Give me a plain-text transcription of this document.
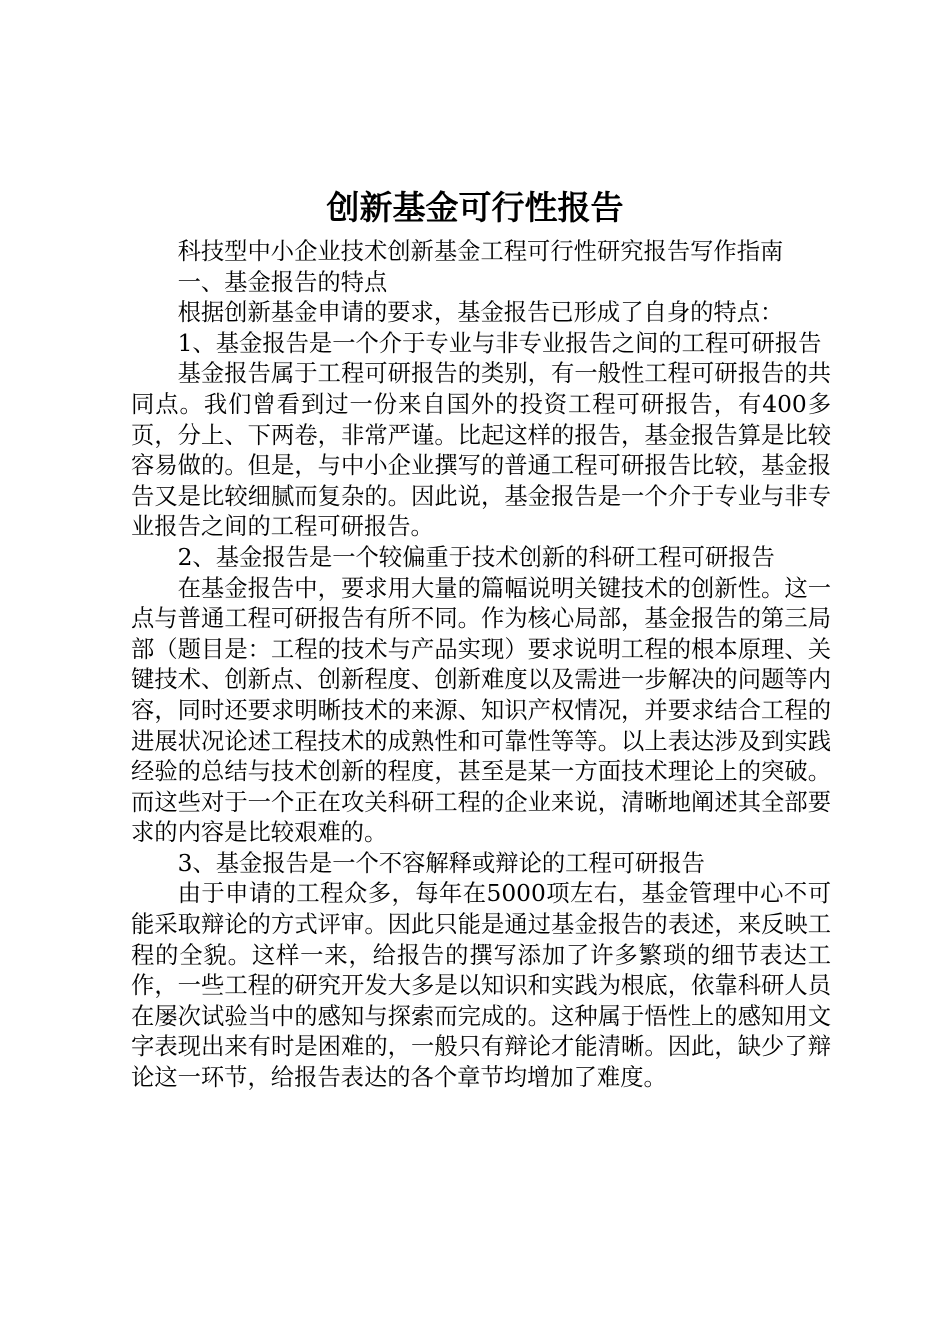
创新基金可行性报告

科技型中小企业技术创新基金工程可行性研究报告写作指南

一、基金报告的特点

根据创新基金申请的要求，基金报告已形成了自身的特点：

1、基金报告是一个介于专业与非专业报告之间的工程可研报告

基金报告属于工程可研报告的类别，有一般性工程可研报告的共同点。我们曾看到过一份来自国外的投资工程可研报告，有400多页，分上、下两卷，非常严谨。比起这样的报告，基金报告算是比较容易做的。但是，与中小企业撰写的普通工程可研报告比较，基金报告又是比较细腻而复杂的。因此说，基金报告是一个介于专业与非专业报告之间的工程可研报告。

2、基金报告是一个较偏重于技术创新的科研工程可研报告

在基金报告中，要求用大量的篇幅说明关键技术的创新性。这一点与普通工程可研报告有所不同。作为核心局部，基金报告的第三局部（题目是：工程的技术与产品实现）要求说明工程的根本原理、关键技术、创新点、创新程度、创新难度以及需进一步解决的问题等内容，同时还要求明晰技术的来源、知识产权情况，并要求结合工程的进展状况论述工程技术的成熟性和可靠性等等。以上表达涉及到实践经验的总结与技术创新的程度，甚至是某一方面技术理论上的突破。而这些对于一个正在攻关科研工程的企业来说，清晰地阐述其全部要求的内容是比较艰难的。

3、基金报告是一个不容解释或辩论的工程可研报告

由于申请的工程众多，每年在5000项左右，基金管理中心不可能采取辩论的方式评审。因此只能是通过基金报告的表述，来反映工程的全貌。这样一来，给报告的撰写添加了许多繁琐的细节表达工作，一些工程的研究开发大多是以知识和实践为根底，依靠科研人员在屡次试验当中的感知与探索而完成的。这种属于悟性上的感知用文字表现出来有时是困难的，一般只有辩论才能清晰。因此，缺少了辩论这一环节，给报告表达的各个章节均增加了难度。
